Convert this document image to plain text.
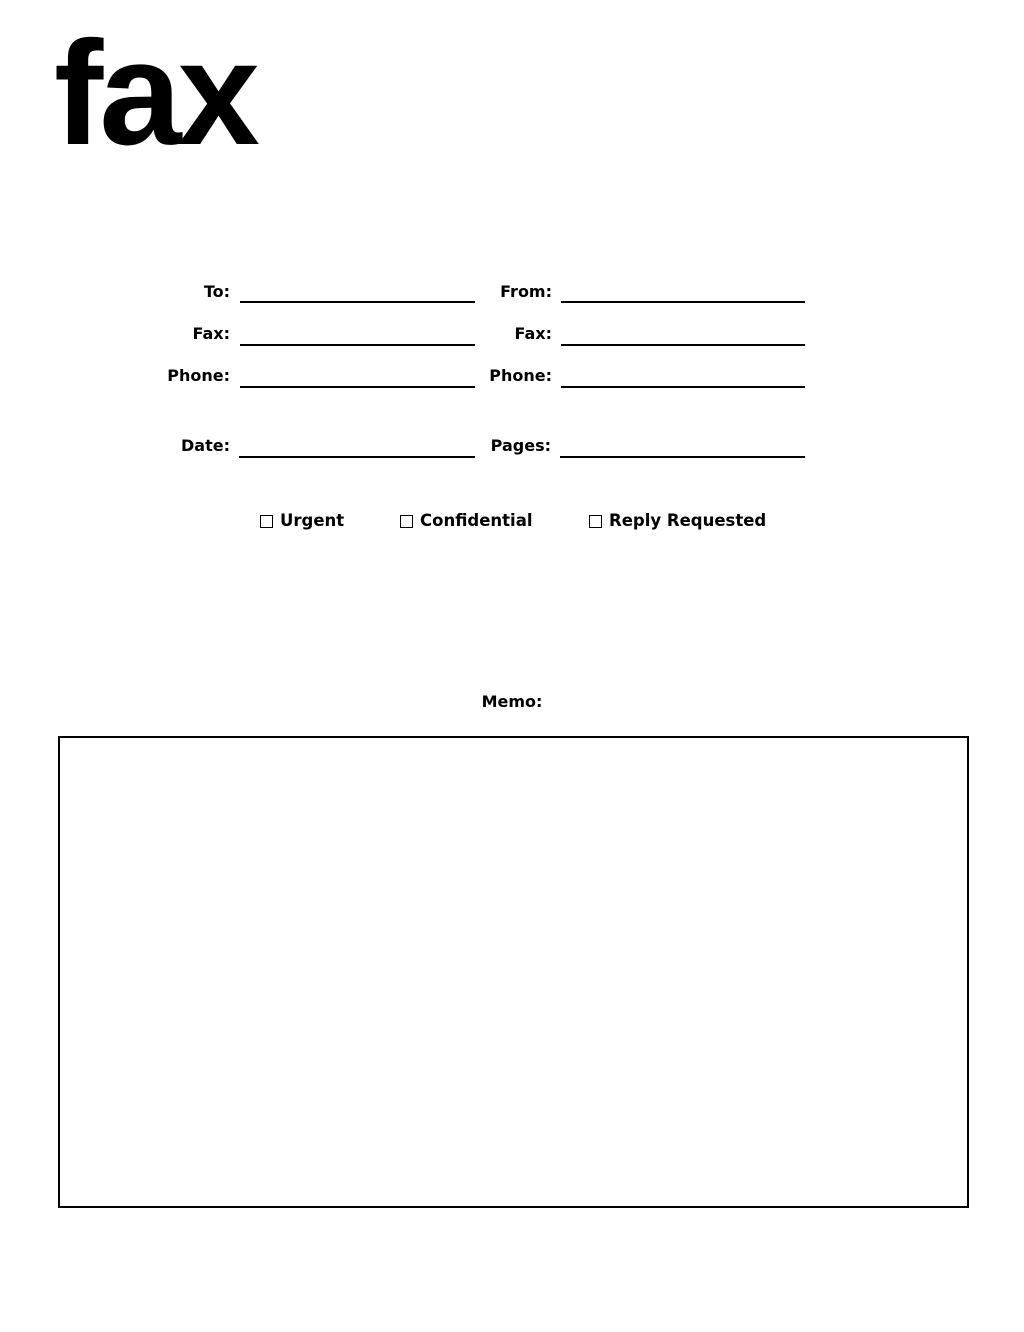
fax
To:	From:
Fax:	Fax:
Phone:	Phone:
Date:	Pages:
Urgent	Confidential	Reply Requested
Memo:
